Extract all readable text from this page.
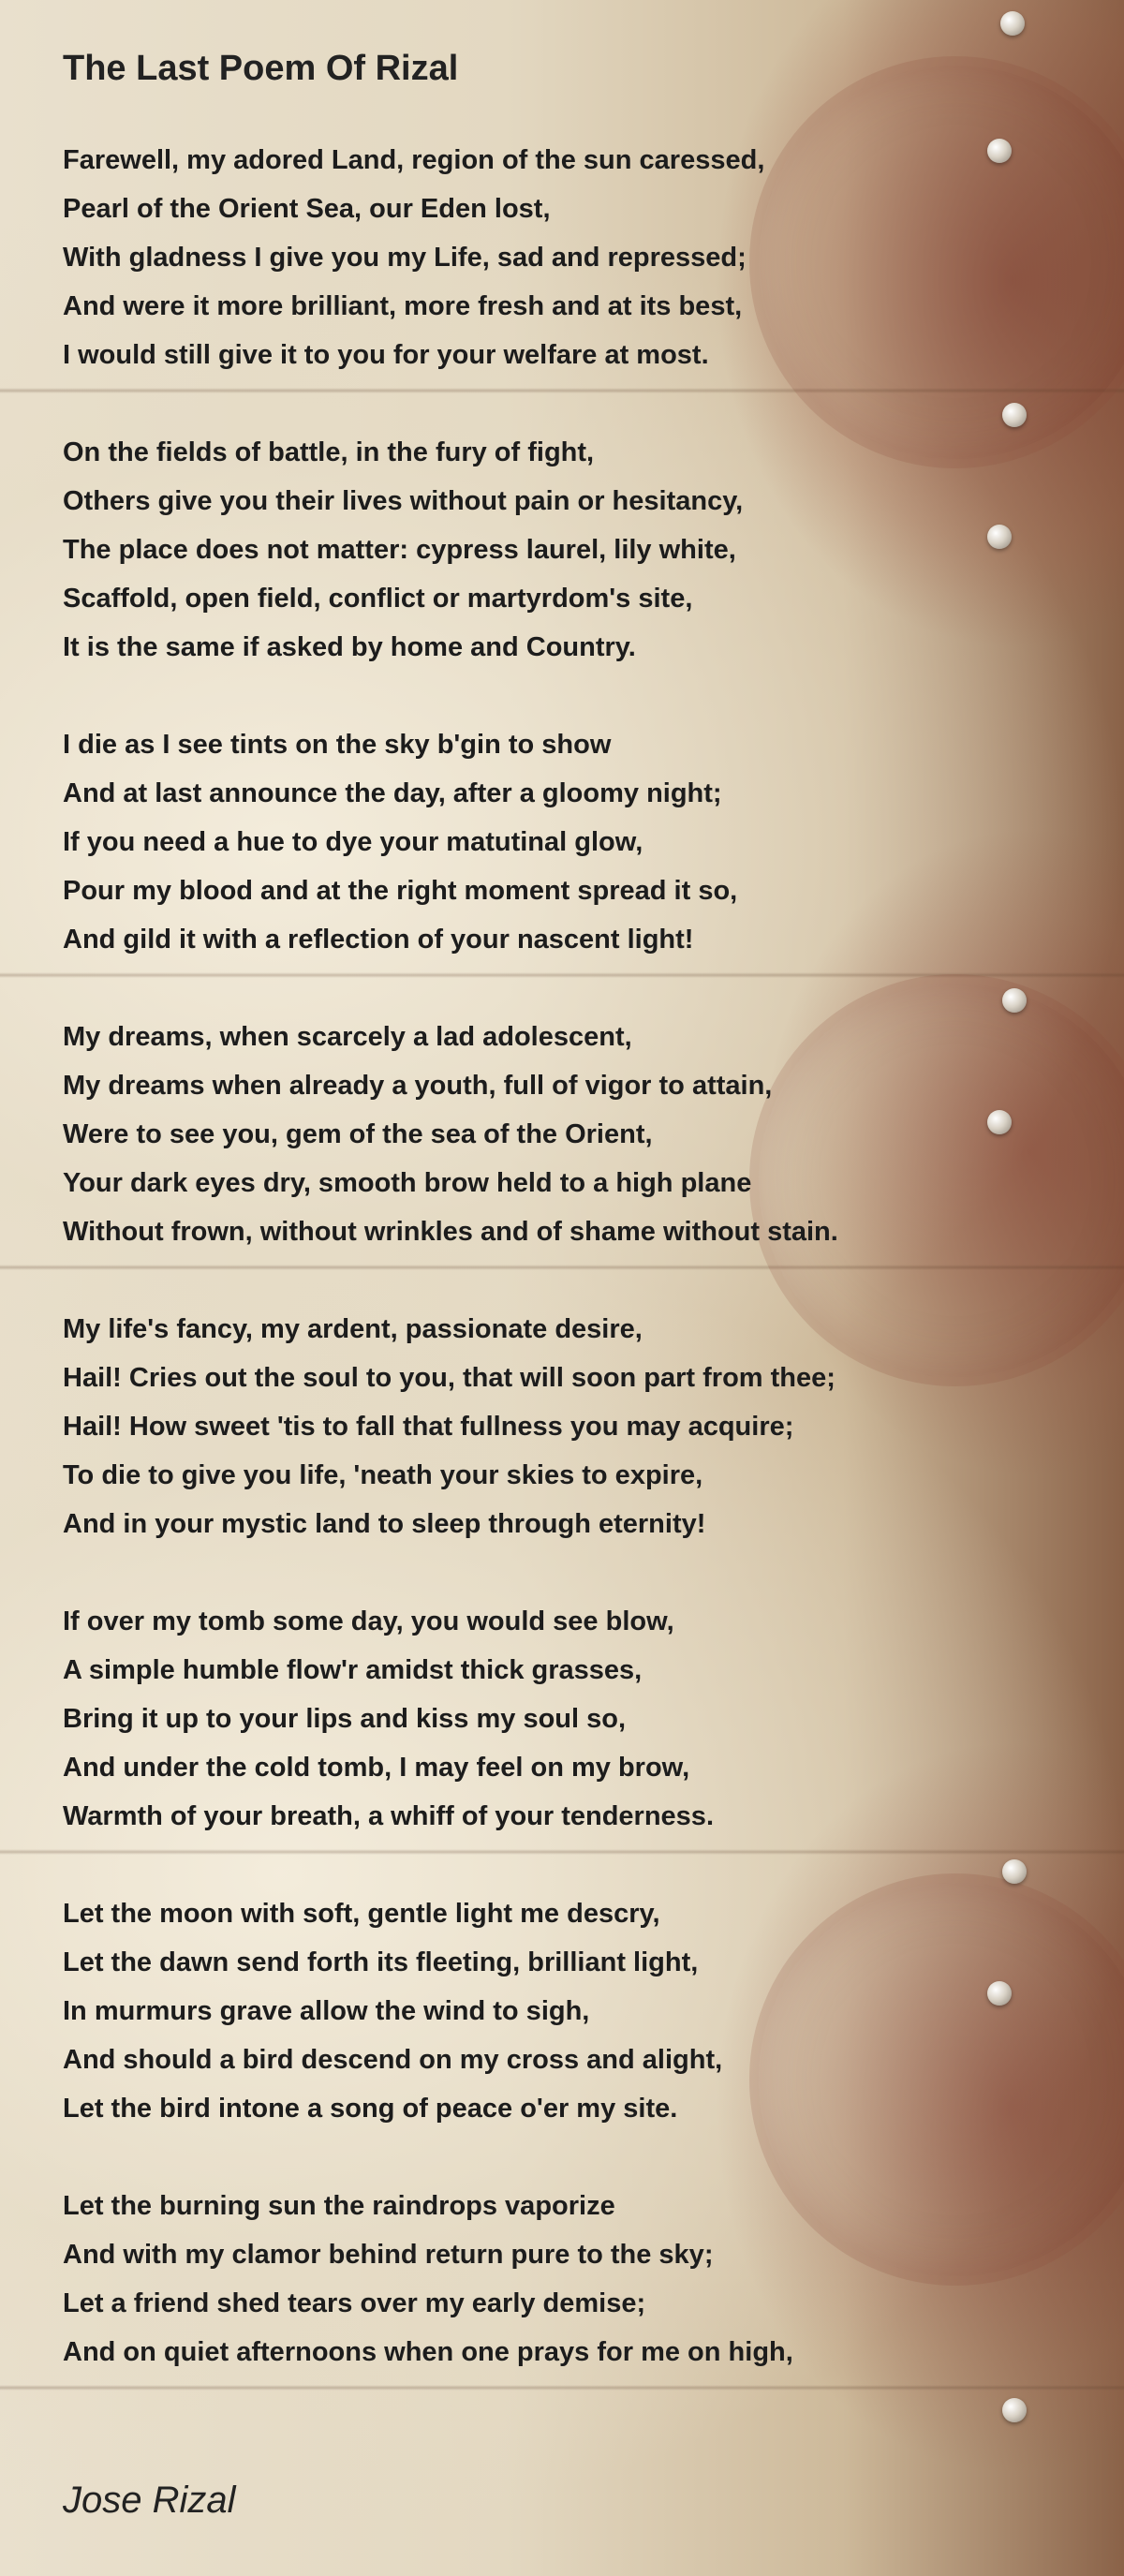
The Last Poem Of Rizal
Farewell, my adored Land, region of the sun caressed,
Pearl of the Orient Sea, our Eden lost,
With gladness I give you my Life, sad and repressed;
And were it more brilliant, more fresh and at its best,
I would still give it to you for your welfare at most.
On the fields of battle, in the fury of fight,
Others give you their lives without pain or hesitancy,
The place does not matter: cypress laurel, lily white,
Scaffold, open field, conflict or martyrdom's site,
It is the same if asked by home and Country.
I die as I see tints on the sky b'gin to show
And at last announce the day, after a gloomy night;
If you need a hue to dye your matutinal glow,
Pour my blood and at the right moment spread it so,
And gild it with a reflection of your nascent light!
My dreams, when scarcely a lad adolescent,
My dreams when already a youth, full of vigor to attain,
Were to see you, gem of the sea of the Orient,
Your dark eyes dry, smooth brow held to a high plane
Without frown, without wrinkles and of shame without stain.
My life's fancy, my ardent, passionate desire,
Hail! Cries out the soul to you, that will soon part from thee;
Hail! How sweet 'tis to fall that fullness you may acquire;
To die to give you life, 'neath your skies to expire,
And in your mystic land to sleep through eternity!
If over my tomb some day, you would see blow,
A simple humble flow'r amidst thick grasses,
Bring it up to your lips and kiss my soul so,
And under the cold tomb, I may feel on my brow,
Warmth of your breath, a whiff of your tenderness.
Let the moon with soft, gentle light me descry,
Let the dawn send forth its fleeting, brilliant light,
In murmurs grave allow the wind to sigh,
And should a bird descend on my cross and alight,
Let the bird intone a song of peace o'er my site.
Let the burning sun the raindrops vaporize
And with my clamor behind return pure to the sky;
Let a friend shed tears over my early demise;
And on quiet afternoons when one prays for me on high,
Jose Rizal
